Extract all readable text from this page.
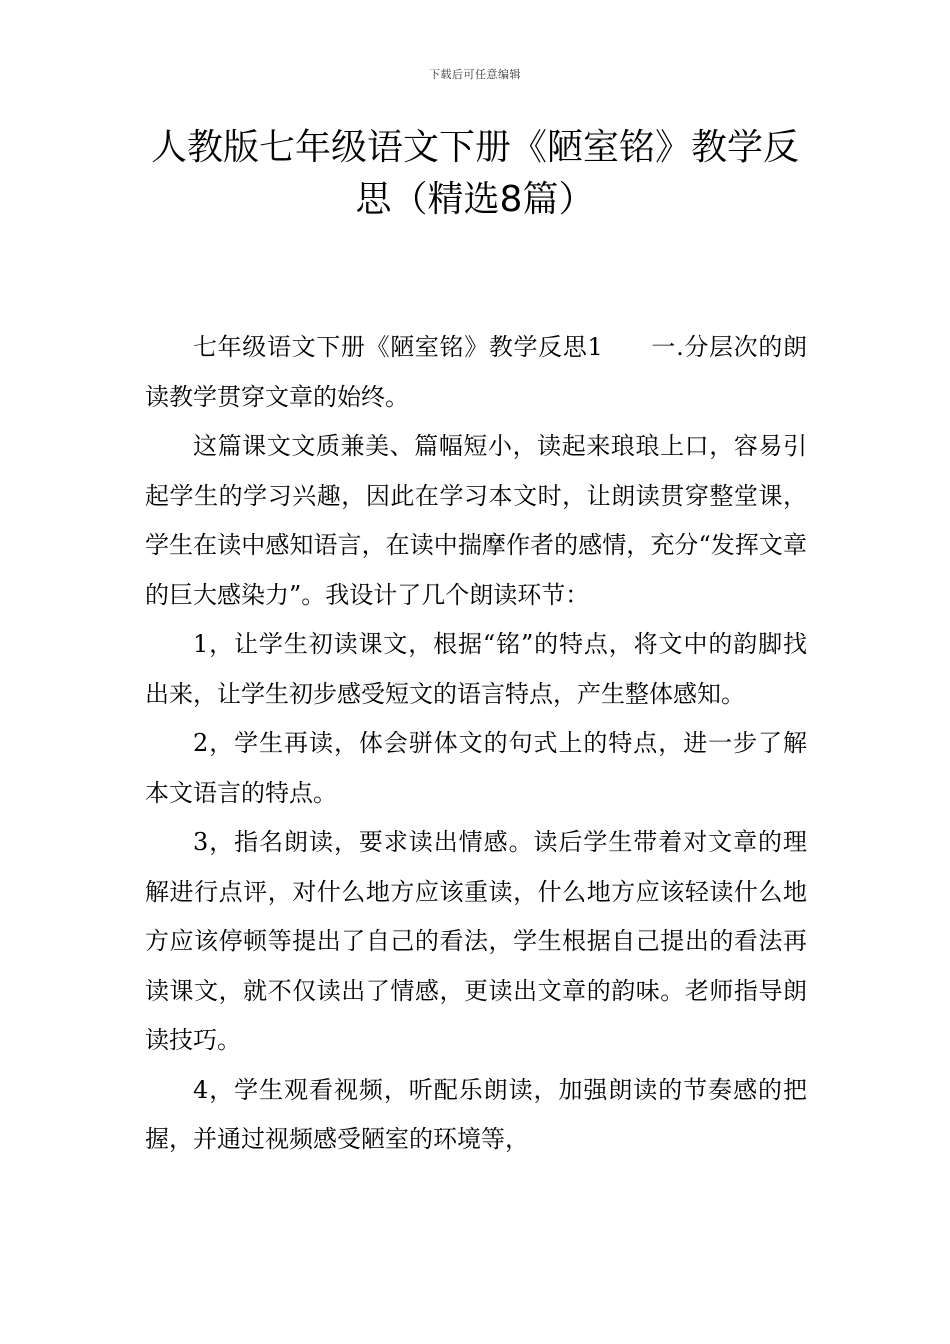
下载后可任意编辑
人教版七年级语文下册《陋室铭》教学反思（精选8篇）

七年级语文下册《陋室铭》教学反思1 一.分层次的朗读教学贯穿文章的始终。

这篇课文文质兼美、篇幅短小，读起来琅琅上口，容易引起学生的学习兴趣，因此在学习本文时，让朗读贯穿整堂课，学生在读中感知语言，在读中揣摩作者的感情，充分“发挥文章的巨大感染力”。我设计了几个朗读环节：

1，让学生初读课文，根据“铭”的特点，将文中的韵脚找出来，让学生初步感受短文的语言特点，产生整体感知。

2，学生再读，体会骈体文的句式上的特点，进一步了解本文语言的特点。

3，指名朗读，要求读出情感。读后学生带着对文章的理解进行点评，对什么地方应该重读，什么地方应该轻读什么地方应该停顿等提出了自己的看法，学生根据自己提出的看法再读课文，就不仅读出了情感，更读出文章的韵味。老师指导朗读技巧。

4，学生观看视频，听配乐朗读，加强朗读的节奏感的把握，并通过视频感受陋室的环境等，
